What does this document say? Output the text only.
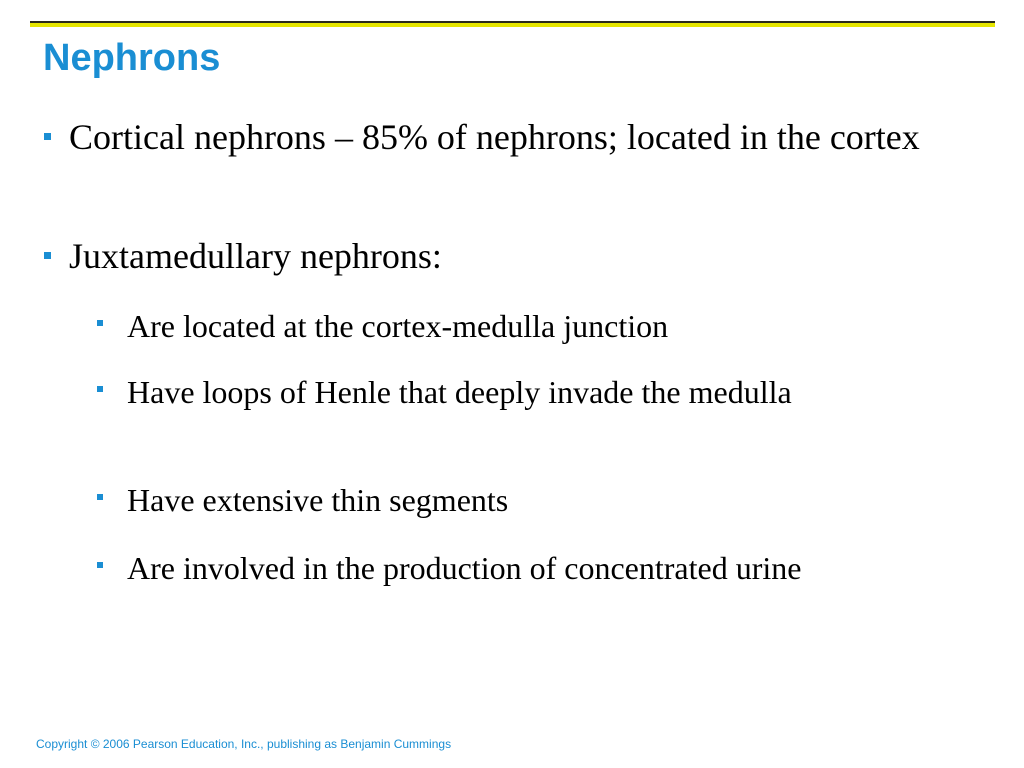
Nephrons
Cortical nephrons – 85% of nephrons; located in the cortex
Juxtamedullary nephrons:
Are located at the cortex-medulla junction
Have loops of Henle that deeply invade the medulla
Have extensive thin segments
Are involved in the production of concentrated urine
Copyright © 2006 Pearson Education, Inc., publishing as Benjamin Cummings
